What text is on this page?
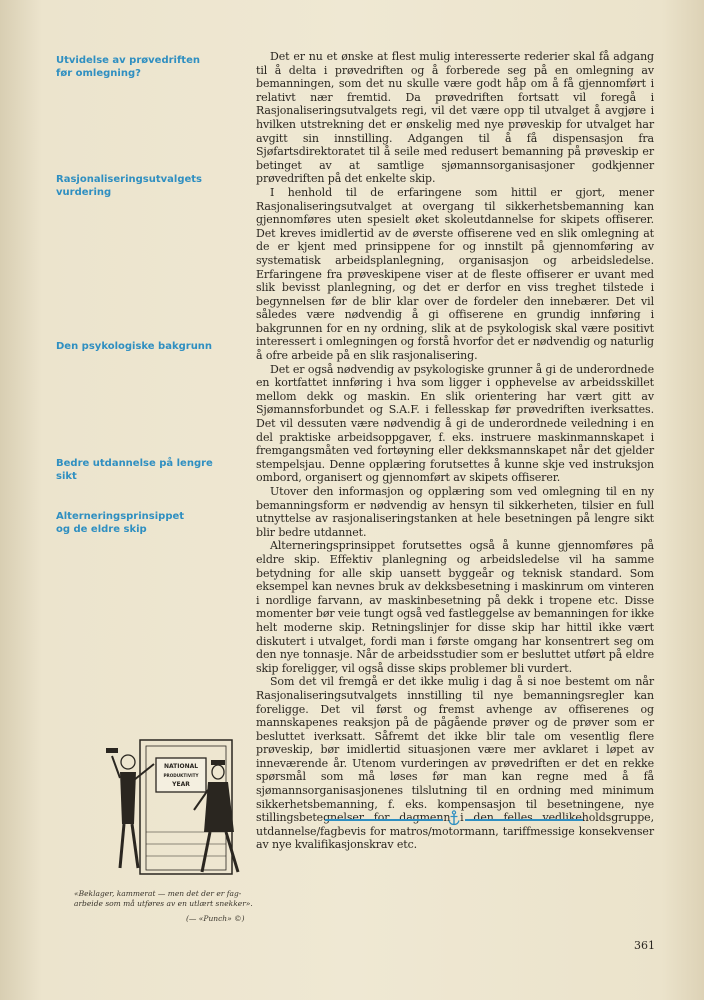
Utvidelse av prøvedriften
før omlegning?
Rasjonaliseringsutvalgets
vurdering
Den psykologiske bakgrunn
Bedre utdannelse på lengre sikt
Alterneringsprinsippet
og de eldre skip

Det er nu et ønske at flest mulig interesserte rederier skal få adgang til å delta i prøvedriften og å forberede seg på en omlegning av bemanningen, som det nu skulle være godt håp om å få gjennomført i relativt nær fremtid. Da prøvedriften fortsatt vil foregå i Rasjonaliseringsutvalgets regi, vil det være opp til utvalget å avgjøre i hvilken utstrekning det er ønskelig med nye prøveskip for utvalget har avgitt sin innstilling. Adgangen til å få dispensasjon fra Sjøfartsdirektoratet til å seile med redusert bemanning på prøveskip er betinget av at samtlige sjømannsorganisasjoner godkjenner prøvedriften på det enkelte skip.

I henhold til de erfaringene som hittil er gjort, mener Rasjonaliseringsutvalget at overgang til sikkerhetsbemanning kan gjennomføres uten spesielt øket skoleutdannelse for skipets offiserer. Det kreves imidlertid av de øverste offiserene ved en slik omlegning at de er kjent med prinsippene for og innstilt på gjennomføring av systematisk arbeidsplanlegning, organisasjon og arbeidsledelse. Erfaringene fra prøveskipene viser at de fleste offiserer er uvant med slik bevisst planlegning, og det er derfor en viss treghet tilstede i begynnelsen før de blir klar over de fordeler den innebærer. Det vil således være nødvendig å gi offiserene en grundig innføring i bakgrunnen for en ny ordning, slik at de psykologisk skal være positivt interessert i omlegningen og forstå hvorfor det er nødvendig og naturlig å ofre arbeide på en slik rasjonalisering.

Det er også nødvendig av psykologiske grunner å gi de underordnede en kortfattet innføring i hva som ligger i opphevelse av arbeidsskillet mellom dekk og maskin. En slik orientering har vært gitt av Sjømannsforbundet og S.A.F. i fellesskap før prøvedriften iverksattes. Det vil dessuten være nødvendig å gi de underordnede veiledning i en del praktiske arbeidsoppgaver, f. eks. instruere maskinmannskapet i fremgangsmåten ved fortøyning eller dekksmannskapet når det gjelder stempelsjau. Denne opplæring forutsettes å kunne skje ved instruksjon ombord, organisert og gjennomført av skipets offiserer.

Utover den informasjon og opplæring som ved omlegning til en ny bemanningsform er nødvendig av hensyn til sikkerheten, tilsier en full utnyttelse av rasjonaliseringstanken at hele besetningen på lengre sikt blir bedre utdannet.

Alterneringsprinsippet forutsettes også å kunne gjennomføres på eldre skip. Effektiv planlegning og arbeidsledelse vil ha samme betydning for alle skip uansett byggeår og teknisk standard. Som eksempel kan nevnes bruk av dekksbesetning i maskinrum om vinteren i nordlige farvann, av maskinbesetning på dekk i tropene etc. Disse momenter bør veie tungt også ved fastleggelse av bemanningen for ikke helt moderne skip. Retningslinjer for disse skip har hittil ikke vært diskutert i utvalget, fordi man i første omgang har konsentrert seg om den nye tonnasje. Når de arbeidsstudier som er besluttet utført på eldre skip foreligger, vil også disse skips problemer bli vurdert.

Som det vil fremgå er det ikke mulig i dag å si noe bestemt om når Rasjonaliseringsutvalgets innstilling til nye bemanningsregler kan foreligge. Det vil først og fremst avhenge av offiserenes og mannskapenes reaksjon på de pågående prøver og de prøver som er besluttet iverksatt. Såfremt det ikke blir tale om vesentlig flere prøveskip, bør imidlertid situasjonen være mer avklaret i løpet av inneværende år. Utenom vurderingen av prøvedriften er det en rekke spørsmål som må løses før man kan regne med å få sjømannsorganisasjonenes tilslutning til en ordning med minimum sikkerhetsbemanning, f. eks. kompensasjon til besetningene, nye stillingsbetegnelser for dagmenn i den felles vedlikeholdsgruppe, utdannelse/fagbevis for matros/motormann, tariffmessige konsekvenser av nye kvalifikasjonskrav etc.

NATIONAL
PRODUKTIVITY
YEAR
«Beklager, kammerat — men det der er fag-arbeide som må utføres av en utlært snekker».
(— «Punch» ©)
361
